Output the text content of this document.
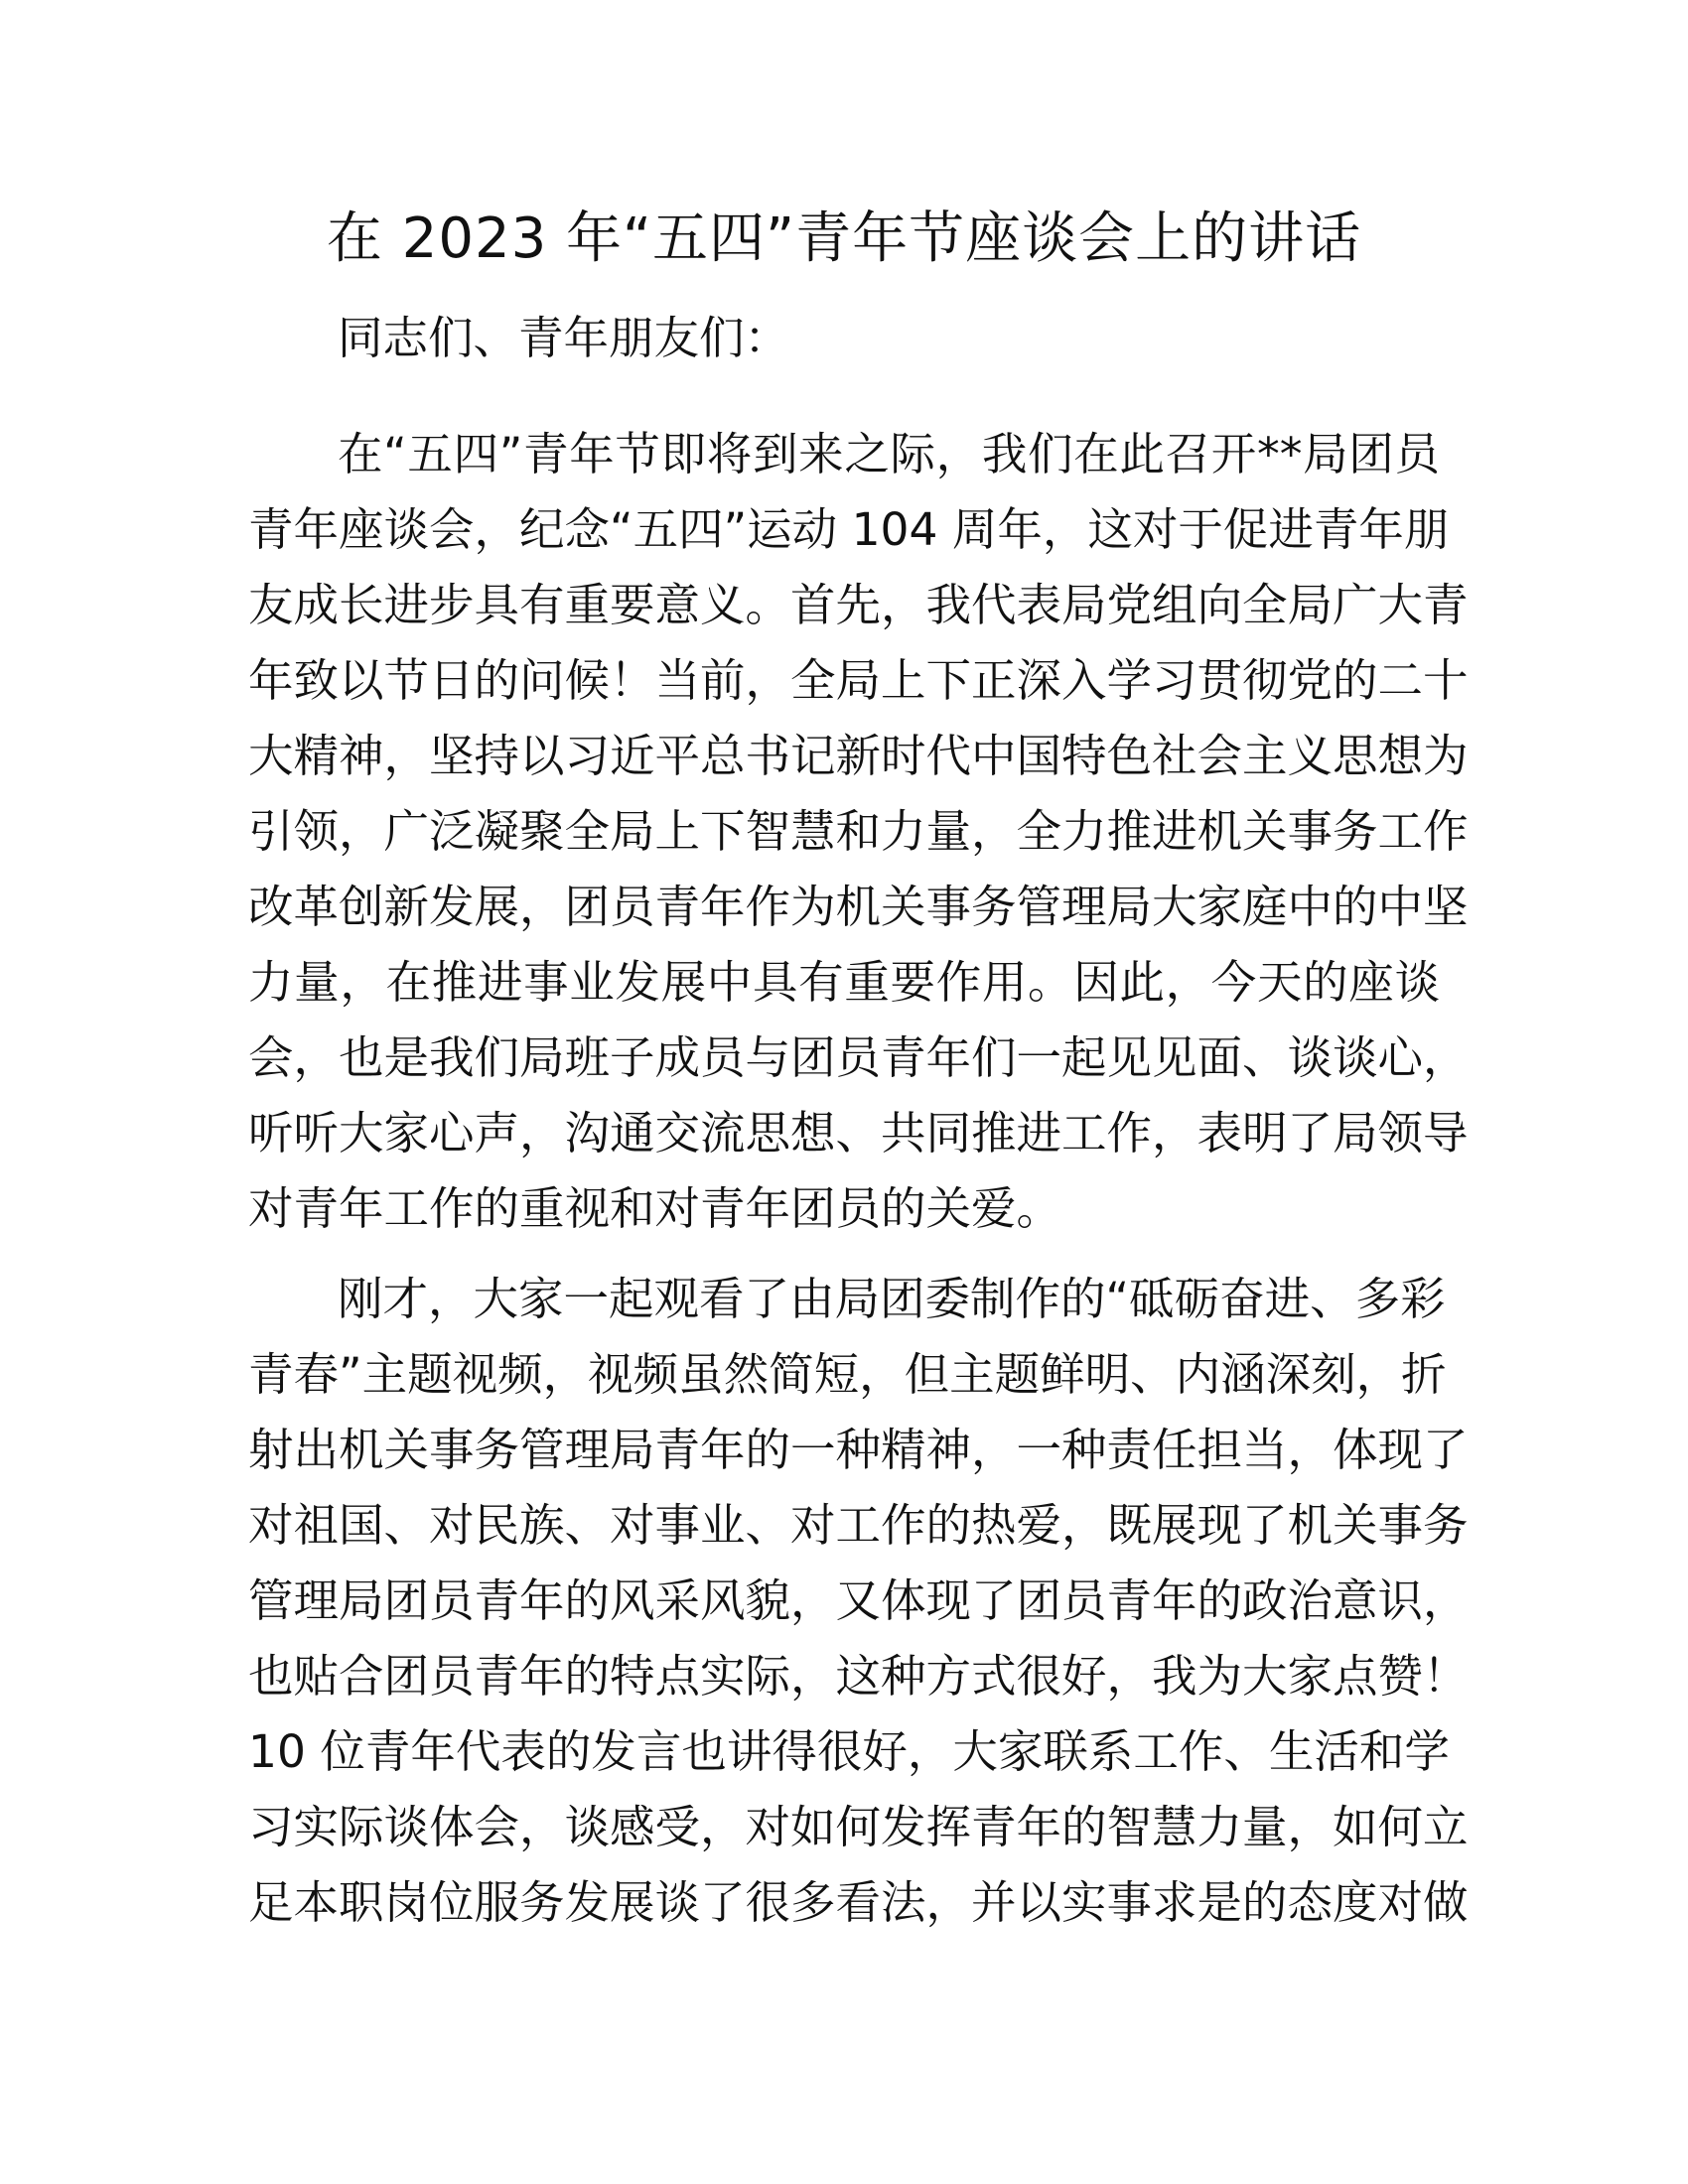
在 2023 年“五四”青年节座谈会上的讲话

同志们、青年朋友们：

在“五四”青年节即将到来之际，我们在此召开**局团员

青年座谈会，纪念“五四”运动 104 周年，这对于促进青年朋

友成长进步具有重要意义。首先，我代表局党组向全局广大青

年致以节日的问候！当前，全局上下正深入学习贯彻党的二十

大精神，坚持以习近平总书记新时代中国特色社会主义思想为

引领，广泛凝聚全局上下智慧和力量，全力推进机关事务工作

改革创新发展，团员青年作为机关事务管理局大家庭中的中坚

力量，在推进事业发展中具有重要作用。因此，今天的座谈

会，也是我们局班子成员与团员青年们一起见见面、谈谈心，

听听大家心声，沟通交流思想、共同推进工作，表明了局领导

对青年工作的重视和对青年团员的关爱。

刚才，大家一起观看了由局团委制作的“砥砺奋进、多彩

青春”主题视频，视频虽然简短，但主题鲜明、内涵深刻，折

射出机关事务管理局青年的一种精神，一种责任担当，体现了

对祖国、对民族、对事业、对工作的热爱，既展现了机关事务

管理局团员青年的风采风貌，又体现了团员青年的政治意识，

也贴合团员青年的特点实际，这种方式很好，我为大家点赞！

10 位青年代表的发言也讲得很好，大家联系工作、生活和学

习实际谈体会，谈感受，对如何发挥青年的智慧力量，如何立

足本职岗位服务发展谈了很多看法，并以实事求是的态度对做
